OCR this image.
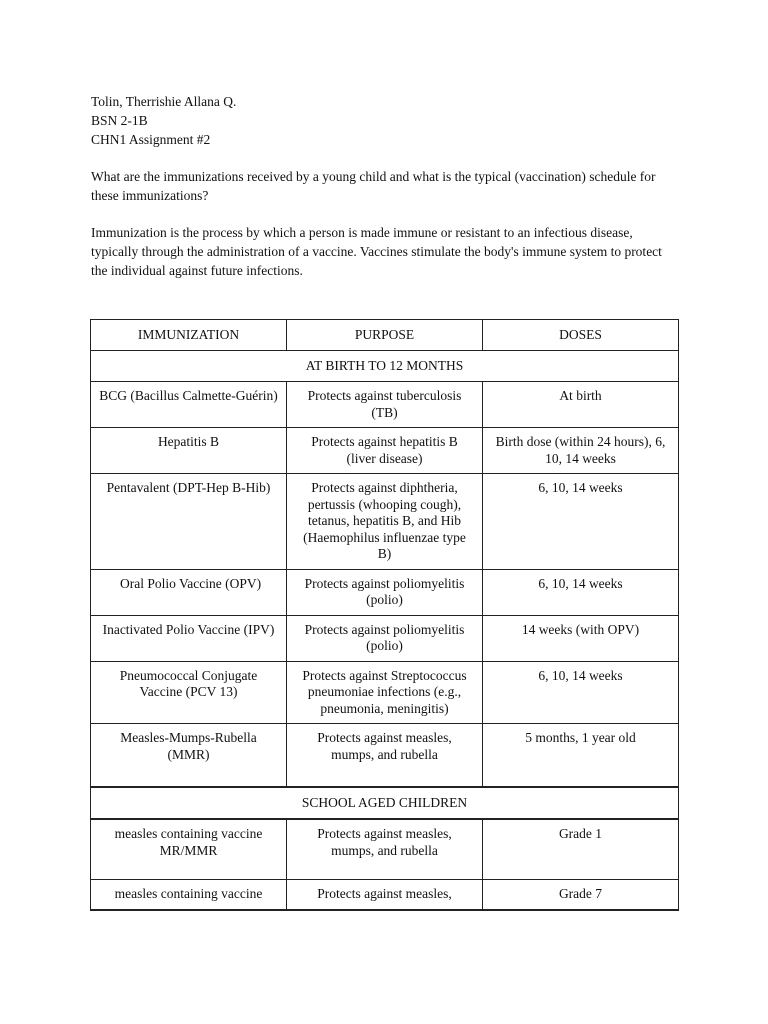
Tolin, Therrishie Allana Q.
BSN 2-1B
CHN1 Assignment #2
What are the immunizations received by a young child and what is the typical (vaccination) schedule for these immunizations?
Immunization is the process by which a person is made immune or resistant to an infectious disease, typically through the administration of a vaccine. Vaccines stimulate the body's immune system to protect the individual against future infections.
IMMUNIZATION	PURPOSE	DOSES
AT BIRTH TO 12 MONTHS		
BCG (Bacillus Calmette-Guérin)	Protects against tuberculosis (TB)	At birth
Hepatitis B	Protects against hepatitis B (liver disease)	Birth dose (within 24 hours), 6, 10, 14 weeks
Pentavalent (DPT-Hep B-Hib)	Protects against diphtheria, pertussis (whooping cough), tetanus, hepatitis B, and Hib (Haemophilus influenzae type B)	6, 10, 14 weeks
Oral Polio Vaccine (OPV)	Protects against poliomyelitis (polio)	6, 10, 14 weeks
Inactivated Polio Vaccine (IPV)	Protects against poliomyelitis (polio)	14 weeks (with OPV)
Pneumococcal Conjugate Vaccine (PCV 13)	Protects against Streptococcus pneumoniae infections (e.g., pneumonia, meningitis)	6, 10, 14 weeks
Measles-Mumps-Rubella (MMR)	Protects against measles, mumps, and rubella	5 months, 1 year old
SCHOOL AGED CHILDREN		
measles containing vaccine MR/MMR	Protects against measles, mumps, and rubella	Grade 1
measles containing vaccine	Protects against measles,	Grade 7
